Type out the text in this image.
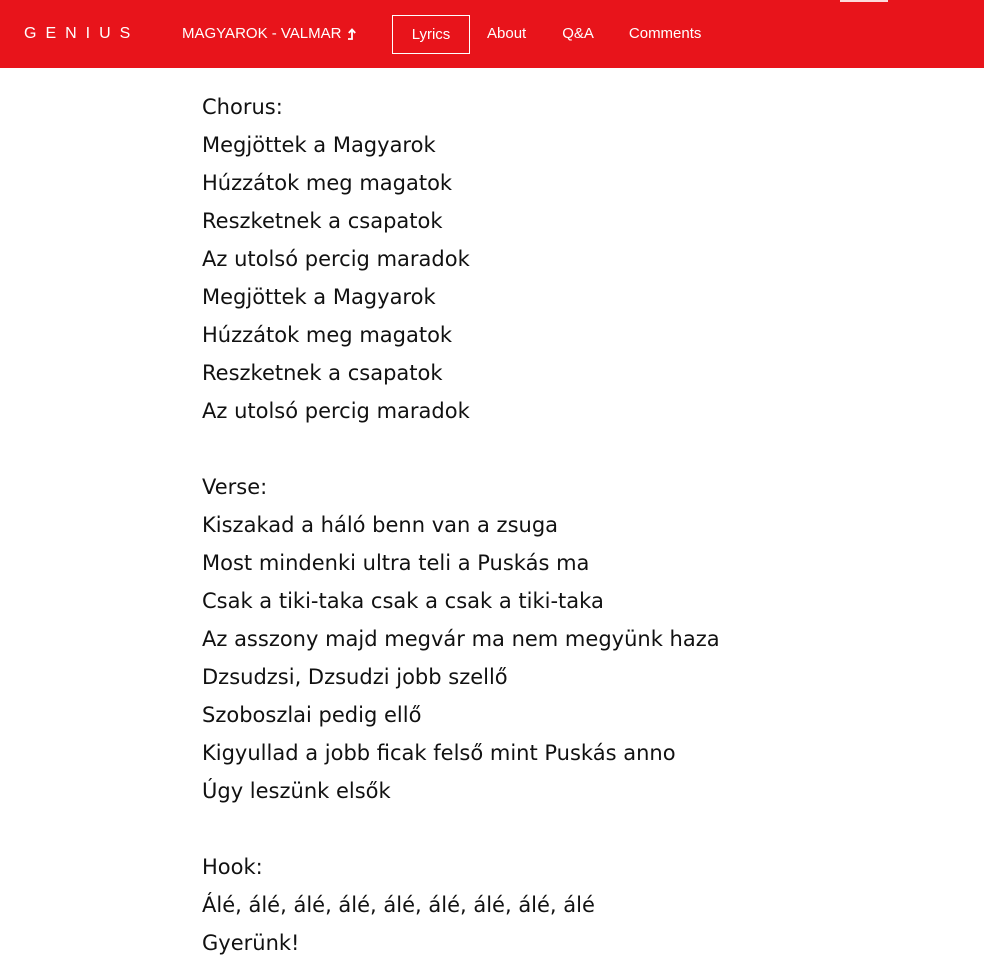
GENIUS	MAGYAROK - VALMAR	Lyrics	About Q&A Comments
Chorus:
Megjöttek a Magyarok
Húzzátok meg magatok
Reszketnek a csapatok
Az utolsó percig maradok
Megjöttek a Magyarok
Húzzátok meg magatok
Reszketnek a csapatok
Az utolsó percig maradok
Verse:
Kiszakad a háló benn van a zsuga
Most mindenki ultra teli a Puskás ma
Csak a tiki-taka csak a csak a tiki-taka
Az asszony majd megvár ma nem megyünk haza
Dzsudzsi, Dzsudzi jobb szellő
Szoboszlai pedig ellő
Kigyullad a jobb ficak felső mint Puskás anno
Úgy leszünk elsők
Hook:
Álé, álé, álé, álé, álé, álé, álé, álé, álé
Gyerünk!
